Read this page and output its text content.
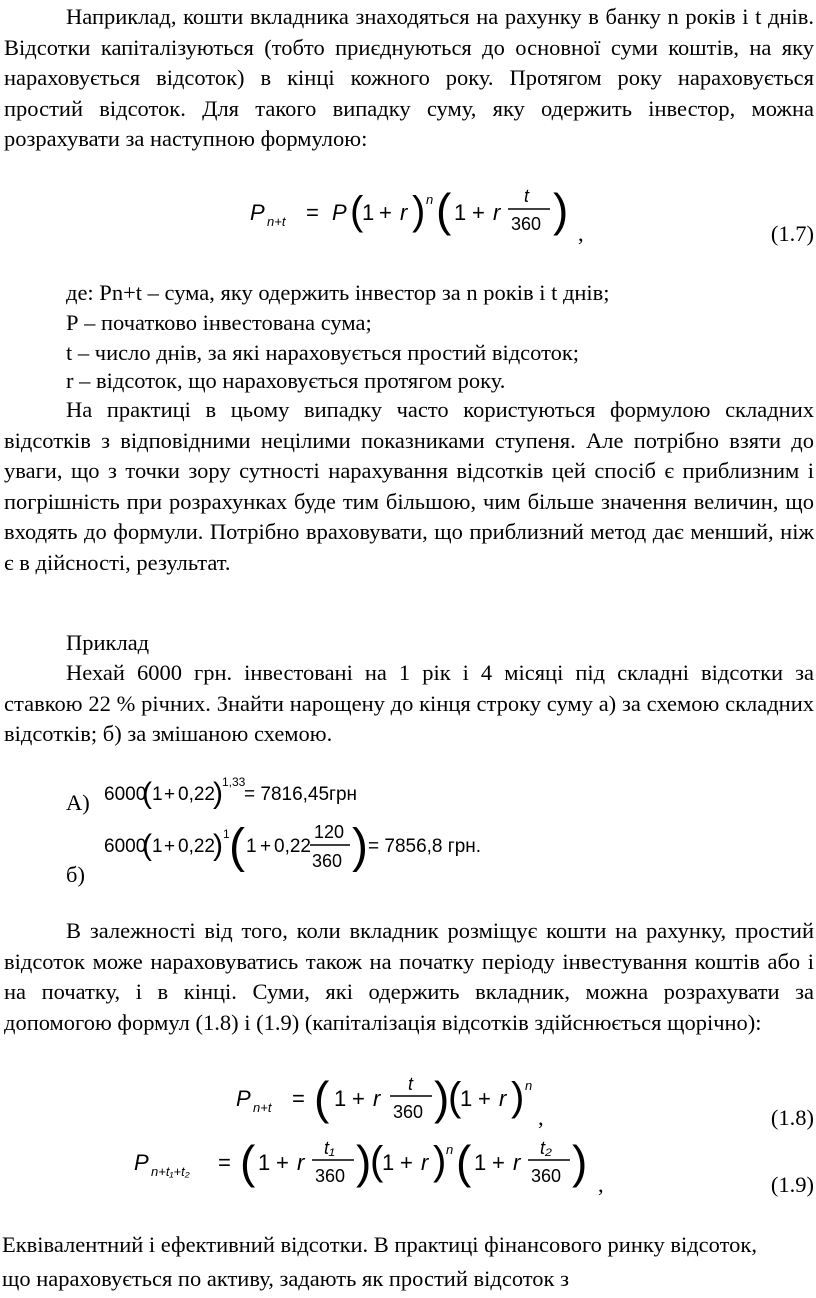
Наприклад, кошти вкладника знаходяться на рахунку в банку n років і t днів. Відсотки капіталізуються (тобто приєднуються до основної суми коштів, на яку нараховується відсоток) в кінці кожного року. Протягом року нараховується простий відсоток. Для такого випадку суму, яку одержить інвестор, можна розрахувати за наступною формулою:

P n+t = P (
1 + r ) n ( 1 + r
t
360 ) ,	(1.7)
де: Pn+t – сума, яку одержить інвестор за n років і t днів;
Р – початково інвестована сума;
t – число днів, за які нараховується простий відсоток;
r – відсоток, що нараховується протягом року.

На практиці в цьому випадку часто користуються формулою складних відсотків з відповідними нецілими показниками ступеня. Але потрібно взяти до уваги, що з точки зору сутності нарахування відсотків цей спосіб є приблизним і погрішність при розрахунках буде тим більшою, чим більше значення величин, що входять до формули. Потрібно враховувати, що приблизний метод дає менший, ніж є в дійсності, результат.

Приклад

Нехай 6000 грн. інвестовані на 1 рік і 4 місяці під складні відсотки за ставкою 22 % річних. Знайти нарощену до кінця строку суму а) за схемою складних відсотків; б) за змішаною схемою.

А) 6000
( 1 + 0,22
) 1,33
= 7816,45грн
6000
( 1 + 0,22
) 1 ( 1 + 0,22
120
360 ) = 7856,8 грн.
б)

В залежності від того, коли вкладник розміщує кошти на рахунку, простий відсоток може нараховуватись також на початку періоду інвестування коштів або і на початку, і в кінці. Суми, які одержить вкладник, можна розрахувати за допомогою формул (1.8) і (1.9) (капіталізація відсотків здійснюється щорічно):

P n+t = ( 1 + r
t
360 )
(
1 + r ) n
,	(1.8)
P n+t₁+t₂ = ( 1 + r
t₁
360 )
(
1 + r ) n ( 1 + r
t₂
360 ) ,	(1.9)

Еквівалентний і ефективний відсотки. В практиці фінансового ринку відсоток, що нараховується по активу, задають як простий відсоток з
